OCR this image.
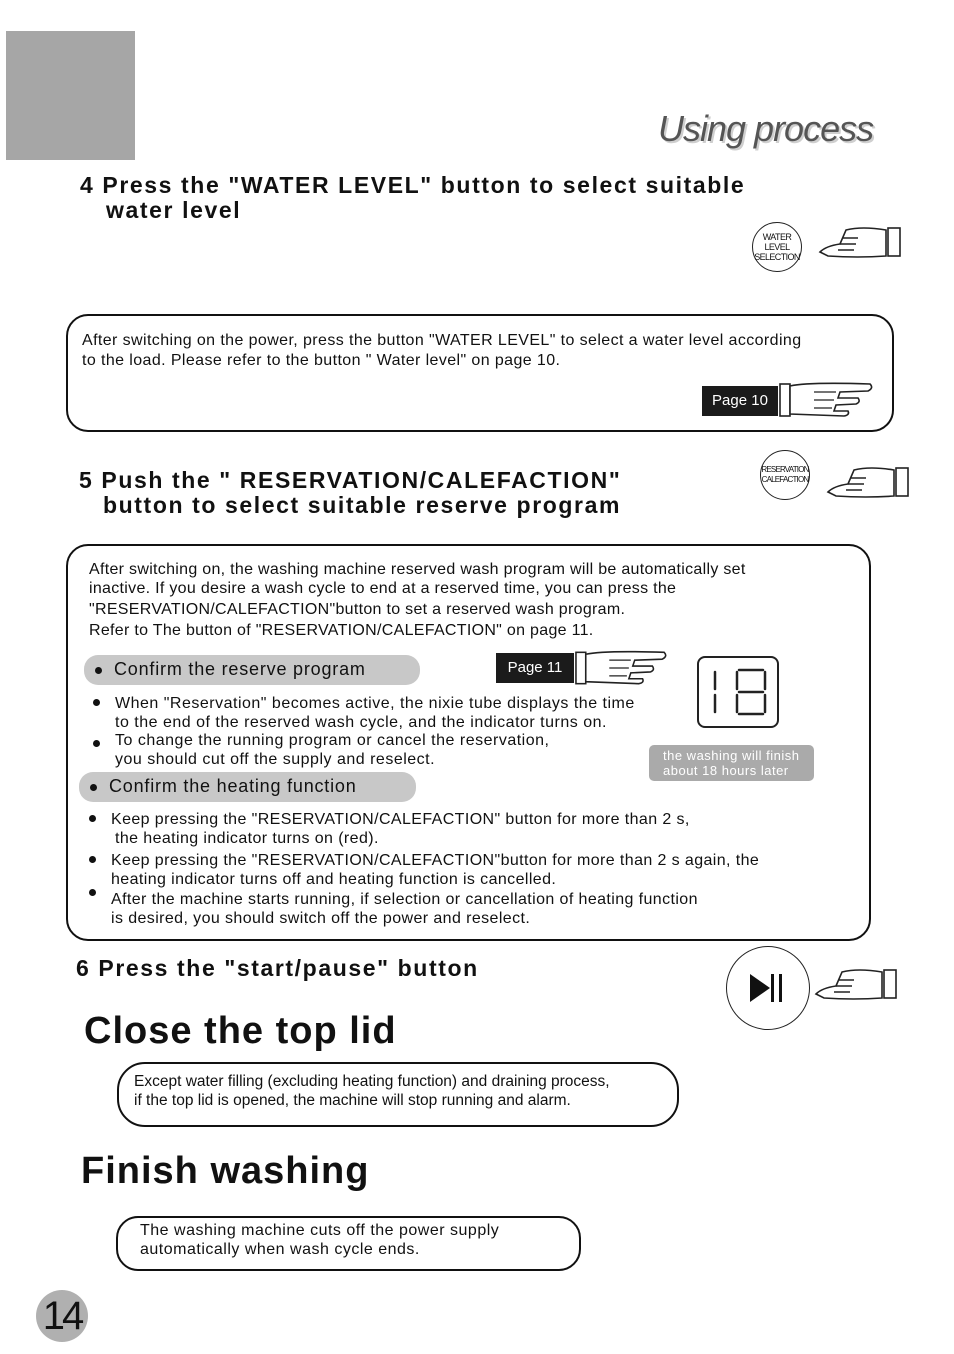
Using process
4 Press the "WATER LEVEL" button to select suitable
water level
WATER
LEVEL
SELECTION
After switching on the power, press the button "WATER LEVEL" to select a water level according
to the load. Please refer to the button " Water level" on page 10.
Page 10
5 Push the " RESERVATION/CALEFACTION"
button to select suitable reserve program
RESERVATION
CALEFACTION
After switching on, the washing machine reserved wash program will be automatically set
inactive. If you desire a wash cycle to end at a reserved time, you can press the
"RESERVATION/CALEFACTION"button to set a reserved wash program.
Refer to The button of "RESERVATION/CALEFACTION" on page 11.
Confirm the reserve program	Page 11
When "Reservation" becomes active, the nixie tube displays the time
to the end of the reserved wash cycle, and the indicator turns on.
To change the running program or cancel the reservation,
you should cut off the supply and reselect.	the washing will finish
about 18 hours later
Confirm the heating function
Keep pressing the "RESERVATION/CALEFACTION" button for more than 2 s,
the heating indicator turns on (red).
Keep pressing the "RESERVATION/CALEFACTION"button for more than 2 s again, the
heating indicator turns off and heating function is cancelled.
After the machine starts running, if selection or cancellation of heating function
is desired, you should switch off the power and reselect.
6 Press the "start/pause" button
Close the top lid
Except water filling (excluding heating function) and draining process,
if the top lid is opened, the machine will stop running and alarm.
Finish washing
The washing machine cuts off the power supply
automatically when wash cycle ends.
14
